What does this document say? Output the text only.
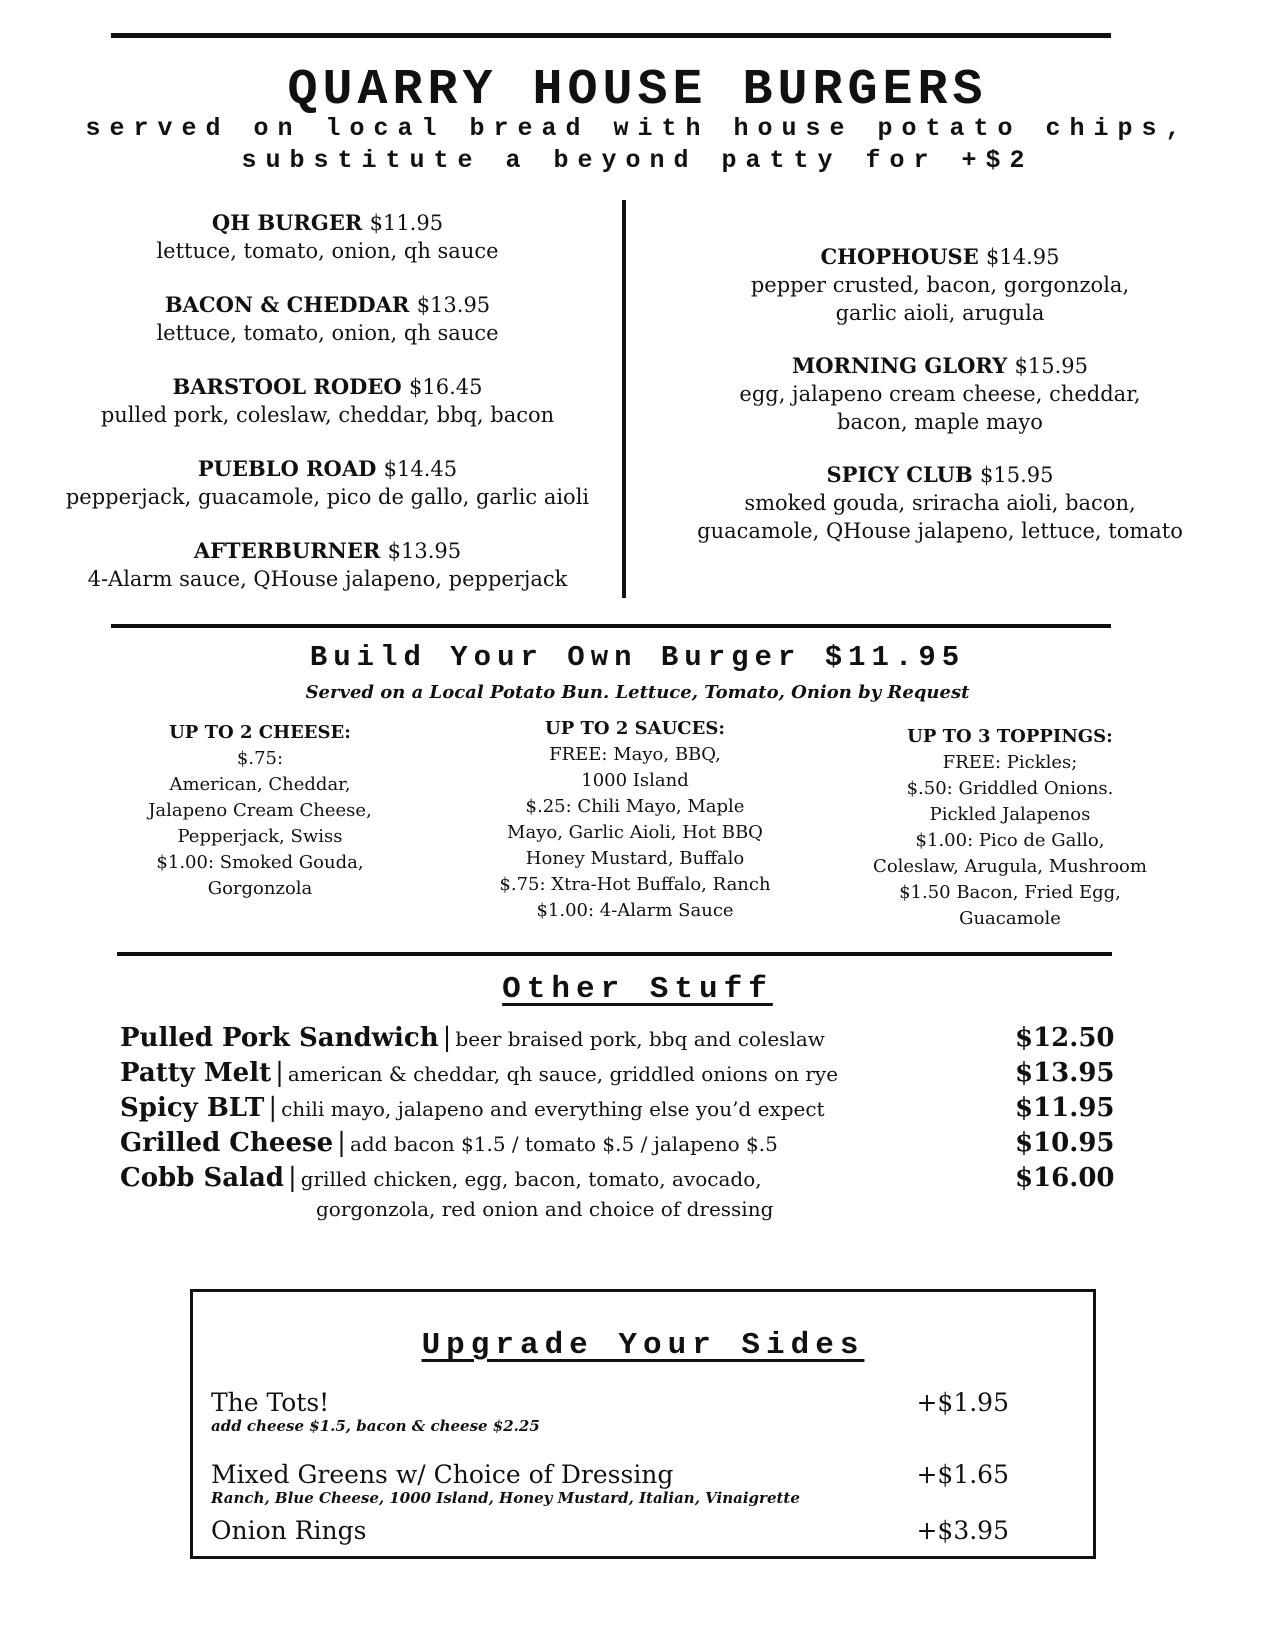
QUARRY HOUSE BURGERS
served on local bread with house potato chips,
substitute a beyond patty for +$2
QH BURGER $11.95
lettuce, tomato, onion, qh sauce
BACON & CHEDDAR $13.95
lettuce, tomato, onion, qh sauce
BARSTOOL RODEO $16.45
pulled pork, coleslaw, cheddar, bbq, bacon
PUEBLO ROAD $14.45
pepperjack, guacamole, pico de gallo, garlic aioli
AFTERBURNER $13.95
4-Alarm sauce, QHouse jalapeno, pepperjack
CHOPHOUSE $14.95
pepper crusted, bacon, gorgonzola,
garlic aioli, arugula
MORNING GLORY $15.95
egg, jalapeno cream cheese, cheddar,
bacon, maple mayo
SPICY CLUB $15.95
smoked gouda, sriracha aioli, bacon,
guacamole, QHouse jalapeno, lettuce, tomato
Build Your Own Burger $11.95
Served on a Local Potato Bun. Lettuce, Tomato, Onion by Request
UP TO 2 CHEESE:
$.75:
American, Cheddar,
Jalapeno Cream Cheese,
Pepperjack, Swiss
$1.00: Smoked Gouda,
Gorgonzola
UP TO 2 SAUCES:
FREE: Mayo, BBQ,
1000 Island
$.25: Chili Mayo, Maple
Mayo, Garlic Aioli, Hot BBQ
Honey Mustard, Buffalo
$.75: Xtra-Hot Buffalo, Ranch
$1.00: 4-Alarm Sauce
UP TO 3 TOPPINGS:
FREE: Pickles;
$.50: Griddled Onions.
Pickled Jalapenos
$1.00: Pico de Gallo,
Coleslaw, Arugula, Mushroom
$1.50 Bacon, Fried Egg,
Guacamole
Other Stuff
Pulled Pork Sandwich | beer braised pork, bbq and coleslaw	$12.50
Patty Melt | american & cheddar, qh sauce, griddled onions on rye	$13.95
Spicy BLT | chili mayo, jalapeno and everything else you’d expect	$11.95
Grilled Cheese | add bacon $1.5 / tomato $.5 / jalapeno $.5	$10.95
Cobb Salad | grilled chicken, egg, bacon, tomato, avocado,	$16.00
gorgonzola, red onion and choice of dressing
Upgrade Your Sides
The Tots!	+$1.95
add cheese $1.5, bacon & cheese $2.25
Mixed Greens w/ Choice of Dressing	+$1.65
Ranch, Blue Cheese, 1000 Island, Honey Mustard, Italian, Vinaigrette
Onion Rings	+$3.95
